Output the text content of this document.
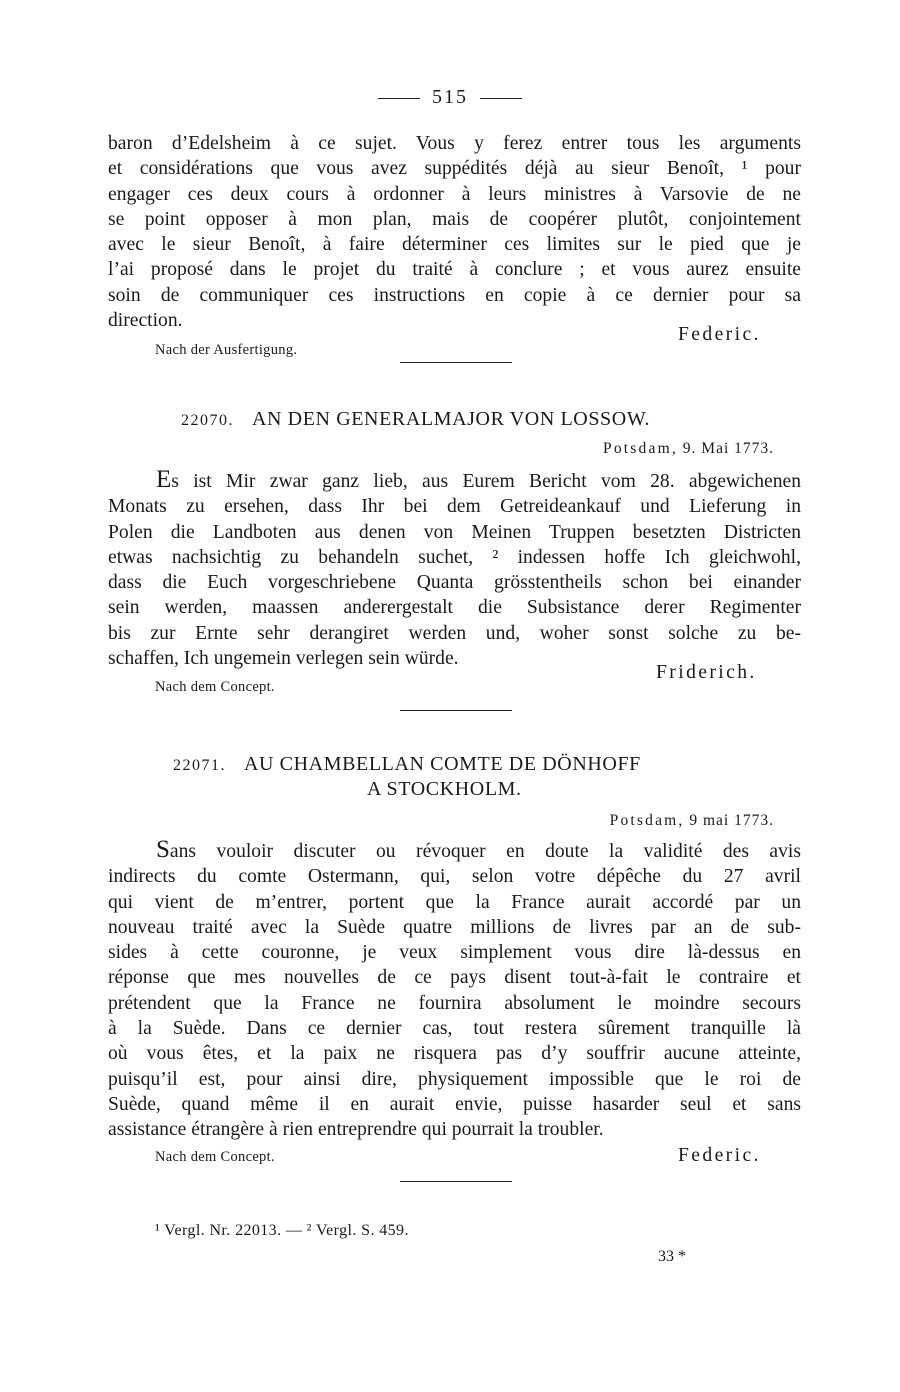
515
baron d’Edelsheim à ce sujet. Vous y ferez entrer tous les arguments
et considérations que vous avez suppédités déjà au sieur Benoît, ¹ pour
engager ces deux cours à ordonner à leurs ministres à Varsovie de ne
se point opposer à mon plan, mais de coopérer plutôt, conjointement
avec le sieur Benoît, à faire déterminer ces limites sur le pied que je
l’ai proposé dans le projet du traité à conclure ; et vous aurez ensuite
soin de communiquer ces instructions en copie à ce dernier pour sa
direction.
Federic.
Nach der Ausfertigung.
22070. AN DEN GENERALMAJOR VON LOSSOW.
Potsdam, 9. Mai 1773.
Es ist Mir zwar ganz lieb, aus Eurem Bericht vom 28. abgewichenen
Monats zu ersehen, dass Ihr bei dem Getreideankauf und Lieferung in
Polen die Landboten aus denen von Meinen Truppen besetzten Districten
etwas nachsichtig zu behandeln suchet, ² indessen hoffe Ich gleichwohl,
dass die Euch vorgeschriebene Quanta grösstentheils schon bei einander
sein werden, maassen anderergestalt die Subsistance derer Regimenter
bis zur Ernte sehr derangiret werden und, woher sonst solche zu be-
schaffen, Ich ungemein verlegen sein würde.
Friderich.
Nach dem Concept.
22071. AU CHAMBELLAN COMTE DE DÖNHOFF
A STOCKHOLM.
Potsdam, 9 mai 1773.
Sans vouloir discuter ou révoquer en doute la validité des avis
indirects du comte Ostermann, qui, selon votre dépêche du 27 avril
qui vient de m’entrer, portent que la France aurait accordé par un
nouveau traité avec la Suède quatre millions de livres par an de sub-
sides à cette couronne, je veux simplement vous dire là-dessus en
réponse que mes nouvelles de ce pays disent tout-à-fait le contraire et
prétendent que la France ne fournira absolument le moindre secours
à la Suède. Dans ce dernier cas, tout restera sûrement tranquille là
où vous êtes, et la paix ne risquera pas d’y souffrir aucune atteinte,
puisqu’il est, pour ainsi dire, physiquement impossible que le roi de
Suède, quand même il en aurait envie, puisse hasarder seul et sans
assistance étrangère à rien entreprendre qui pourrait la troubler.
Nach dem Concept.	Federic.
¹ Vergl. Nr. 22013. — ² Vergl. S. 459.
33 *
